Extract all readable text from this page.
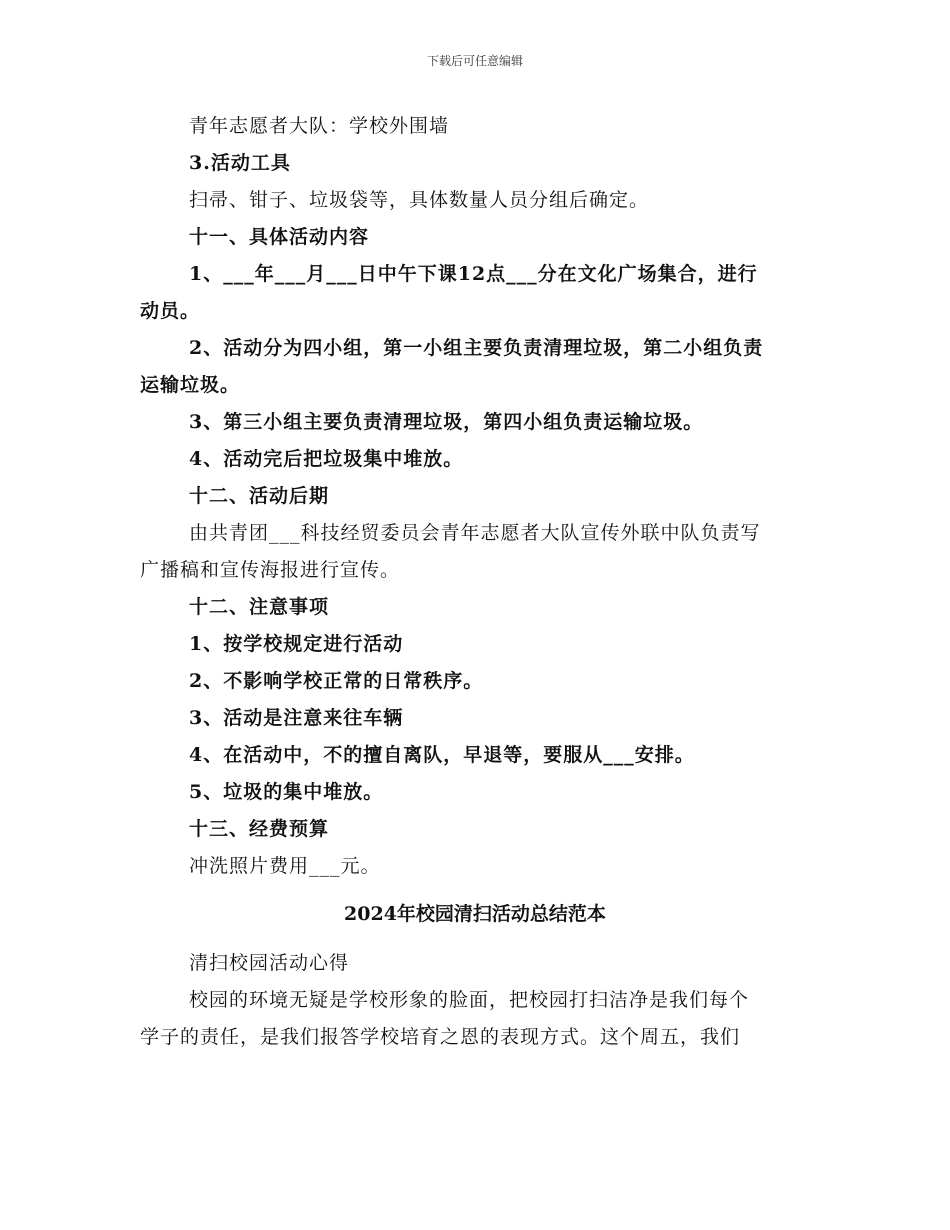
下载后可任意编辑
青年志愿者大队：学校外围墙
3.活动工具
扫帚、钳子、垃圾袋等，具体数量人员分组后确定。
十一、具体活动内容
1、___年___月___日中午下课12点___分在文化广场集合，进行
动员。
2、活动分为四小组，第一小组主要负责清理垃圾，第二小组负责
运输垃圾。
3、第三小组主要负责清理垃圾，第四小组负责运输垃圾。
4、活动完后把垃圾集中堆放。
十二、活动后期
由共青团___科技经贸委员会青年志愿者大队宣传外联中队负责写
广播稿和宣传海报进行宣传。
十二、注意事项
1、按学校规定进行活动
2、不影响学校正常的日常秩序。
3、活动是注意来往车辆
4、在活动中，不的擅自离队，早退等，要服从___安排。
5、垃圾的集中堆放。
十三、经费预算
冲洗照片费用___元。
2024年校园清扫活动总结范本
清扫校园活动心得
校园的环境无疑是学校形象的脸面，把校园打扫洁净是我们每个
学子的责任，是我们报答学校培育之恩的表现方式。这个周五，我们
